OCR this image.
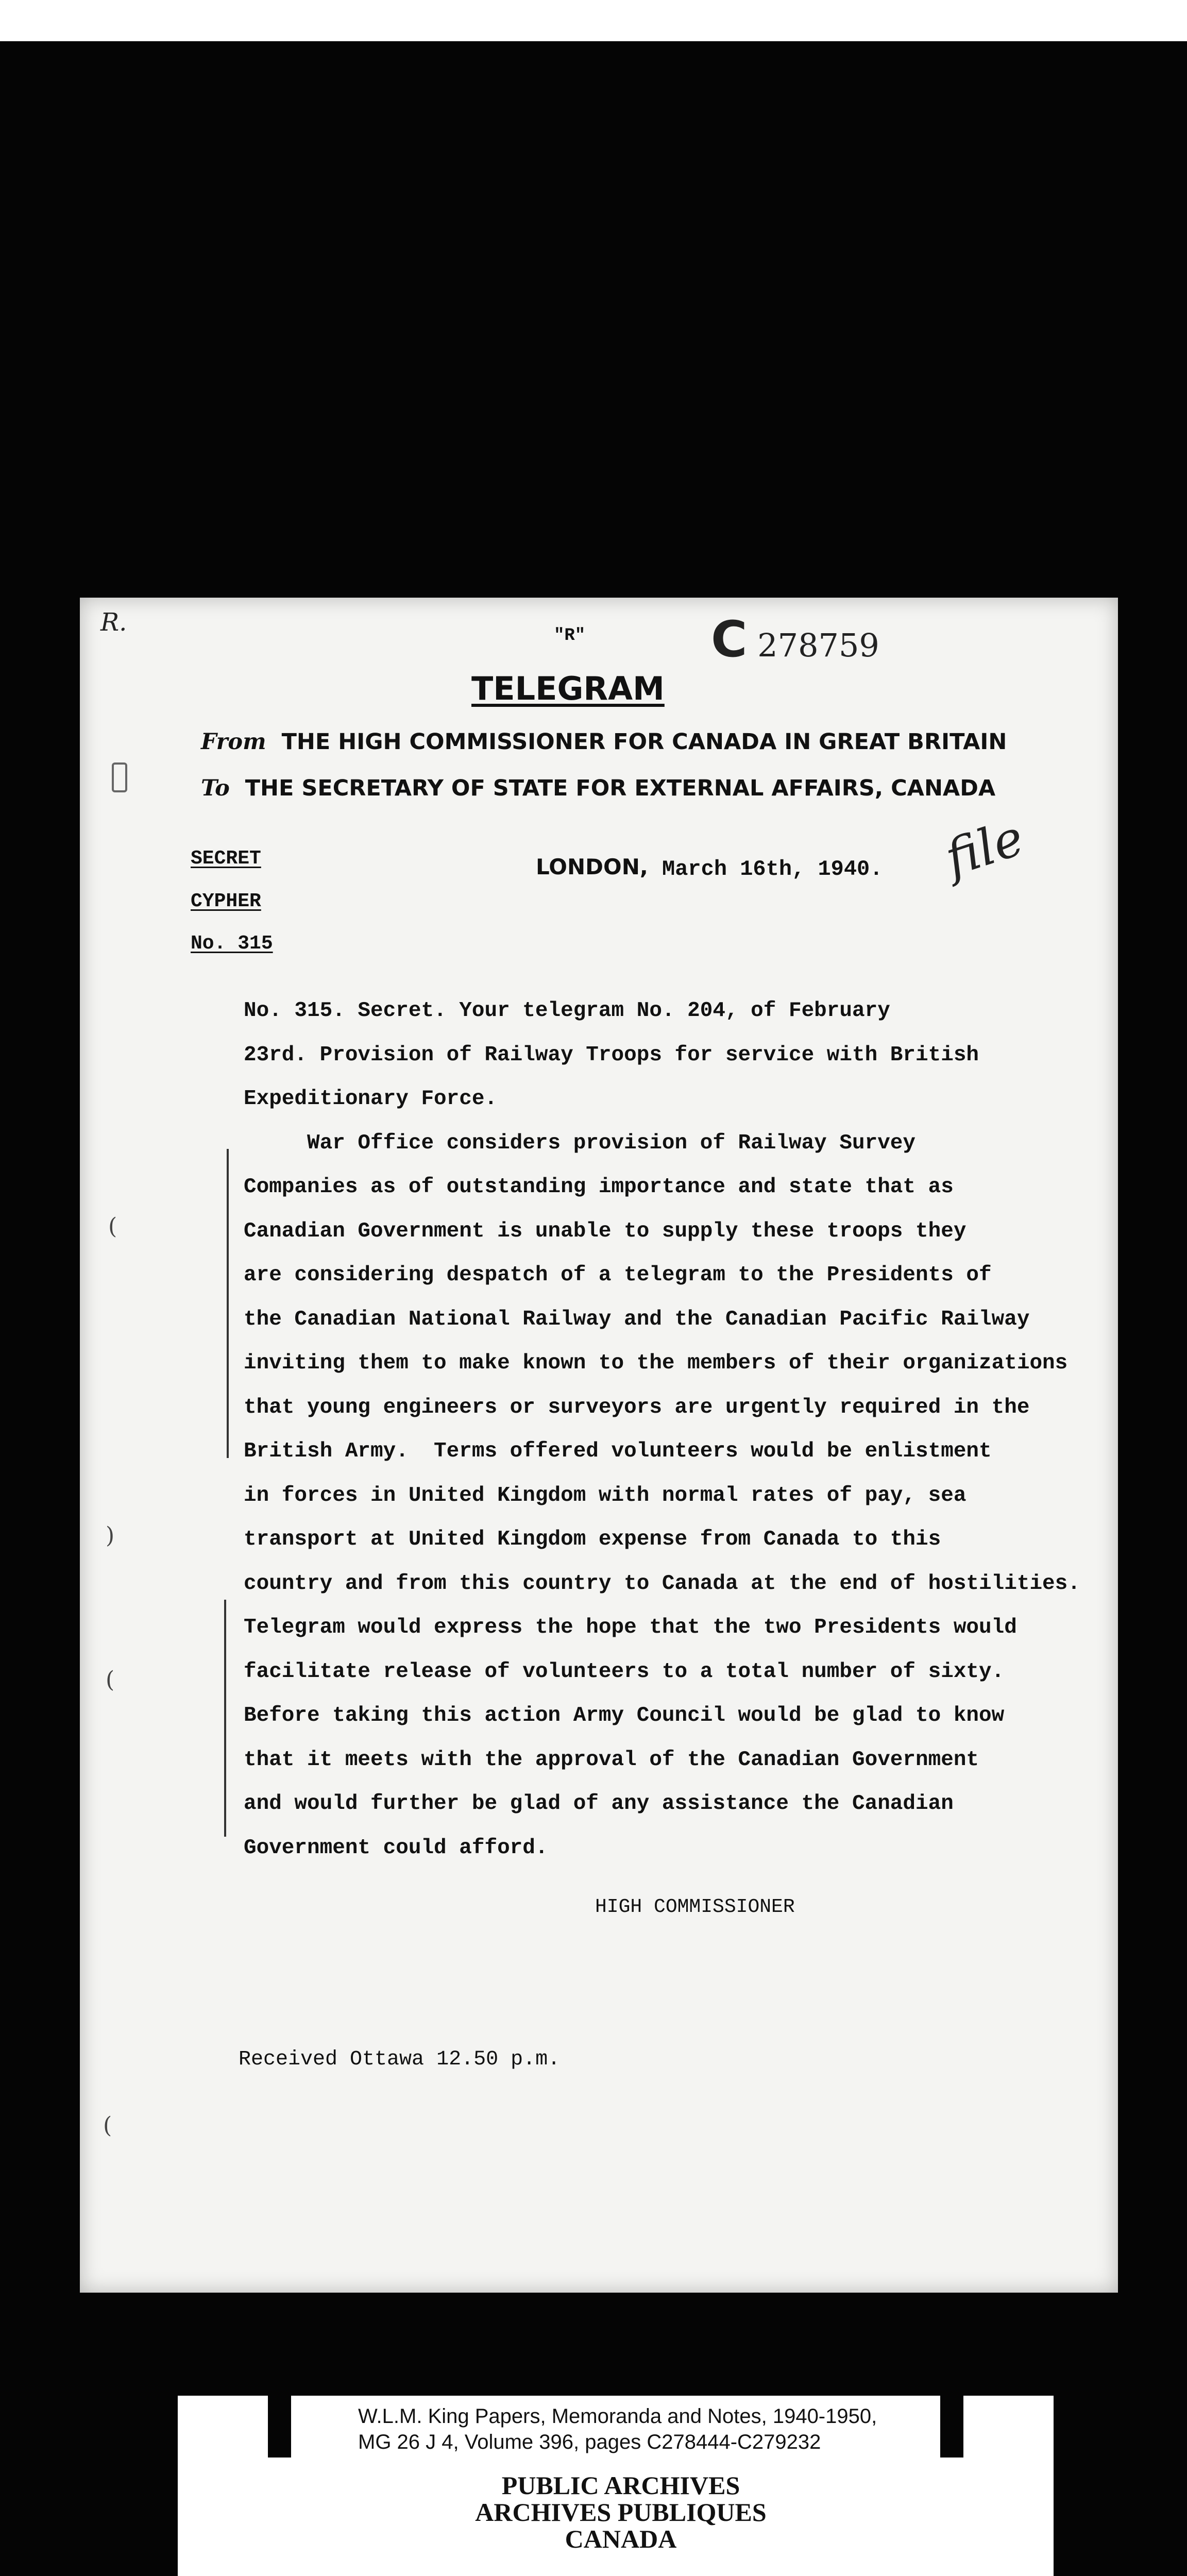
R.	"R"	C 278759
TELEGRAM
From THE HIGH COMMISSIONER FOR CANADA IN GREAT BRITAIN
To THE SECRETARY OF STATE FOR EXTERNAL AFFAIRS, CANADA
SECRET
CYPHER
No. 315
LONDON, March 16th, 1940. file
No. 315. Secret. Your telegram No. 204, of February
23rd. Provision of Railway Troops for service with British
Expeditionary Force.
War Office considers provision of Railway Survey
Companies as of outstanding importance and state that as
Canadian Government is unable to supply these troops they
are considering despatch of a telegram to the Presidents of
the Canadian National Railway and the Canadian Pacific Railway
inviting them to make known to the members of their organizations
that young engineers or surveyors are urgently required in the
British Army.  Terms offered volunteers would be enlistment
in forces in United Kingdom with normal rates of pay, sea
transport at United Kingdom expense from Canada to this
country and from this country to Canada at the end of hostilities.
Telegram would express the hope that the two Presidents would
facilitate release of volunteers to a total number of sixty.
Before taking this action Army Council would be glad to know
that it meets with the approval of the Canadian Government
and would further be glad of any assistance the Canadian
Government could afford.
(
)
(
(
HIGH COMMISSIONER
Received Ottawa 12.50 p.m.
W.L.M. King Papers, Memoranda and Notes, 1940-1950,
MG 26 J 4, Volume 396, pages C278444-C279232
PUBLIC ARCHIVES
ARCHIVES PUBLIQUES
CANADA
